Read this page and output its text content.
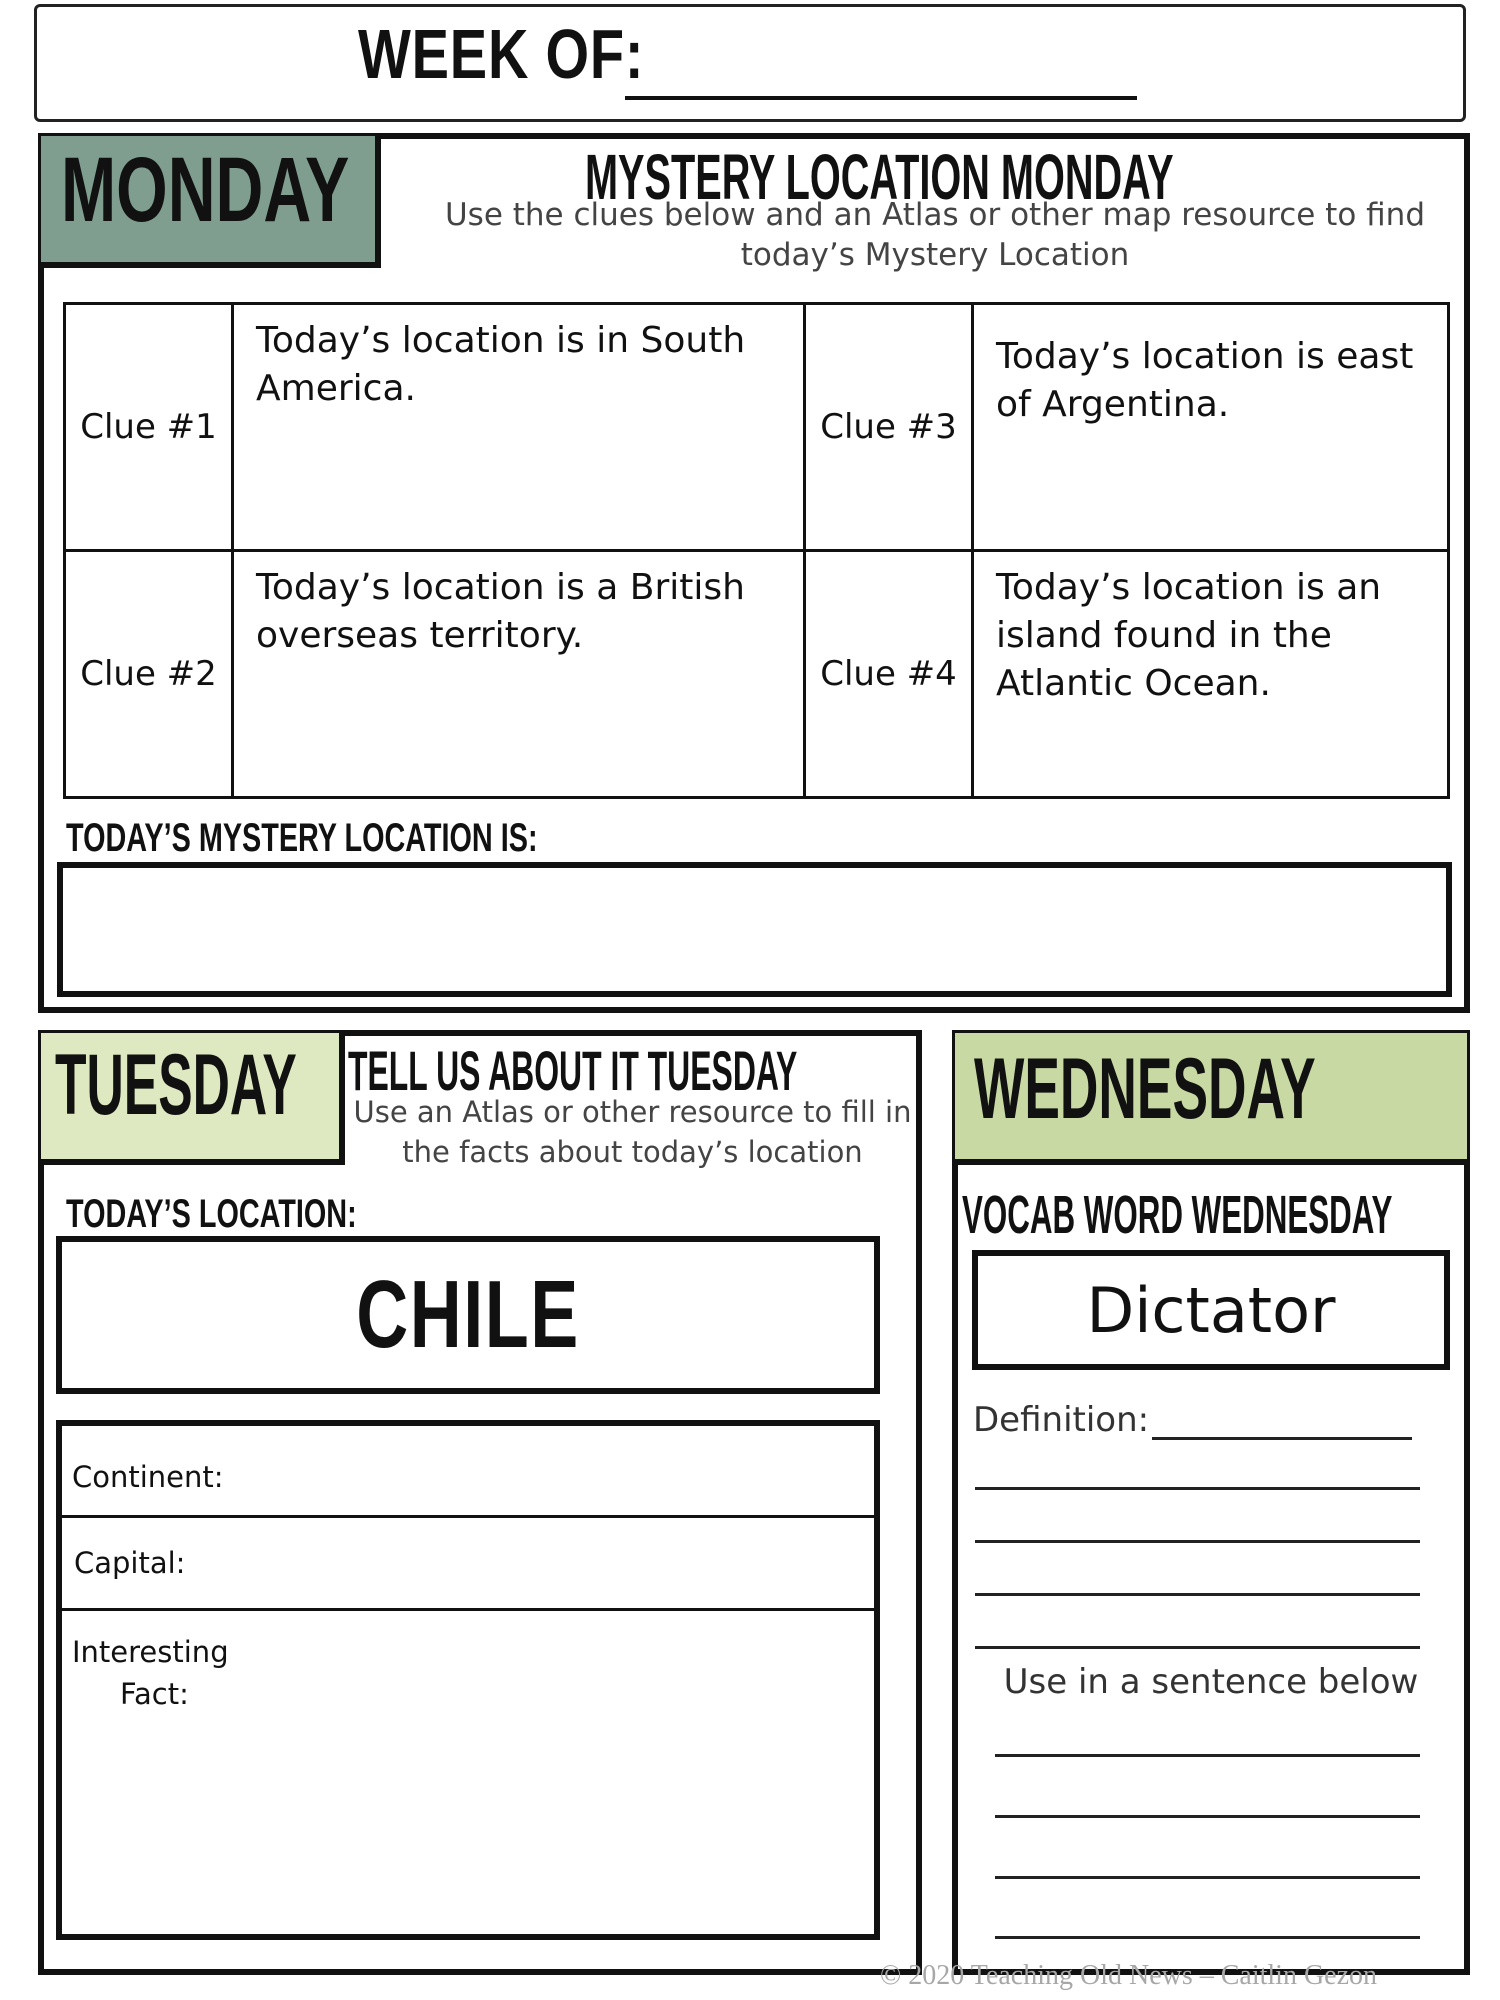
WEEK OF:
MONDAY	MYSTERY LOCATION MONDAY
Use the clues below and an Atlas or other map resource to find today’s Mystery Location
Clue #1	Today’s location is in South America.	Clue #3	Today’s location is east of Argentina.
Clue #2	Today’s location is a British overseas territory.	Clue #4	Today’s location is an island found in the Atlantic Ocean.
TODAY’S MYSTERY LOCATION IS:
TUESDAY TELL US ABOUT IT TUESDAY
Use an Atlas or other resource to fill in the facts about today’s location
TODAY’S LOCATION:
CHILE
Continent:
Capital:
Interesting
Fact:
WEDNESDAY
VOCAB WORD WEDNESDAY
Dictator
Definition:
Use in a sentence below
© 2020 Teaching Old News – Caitlin Gezon
